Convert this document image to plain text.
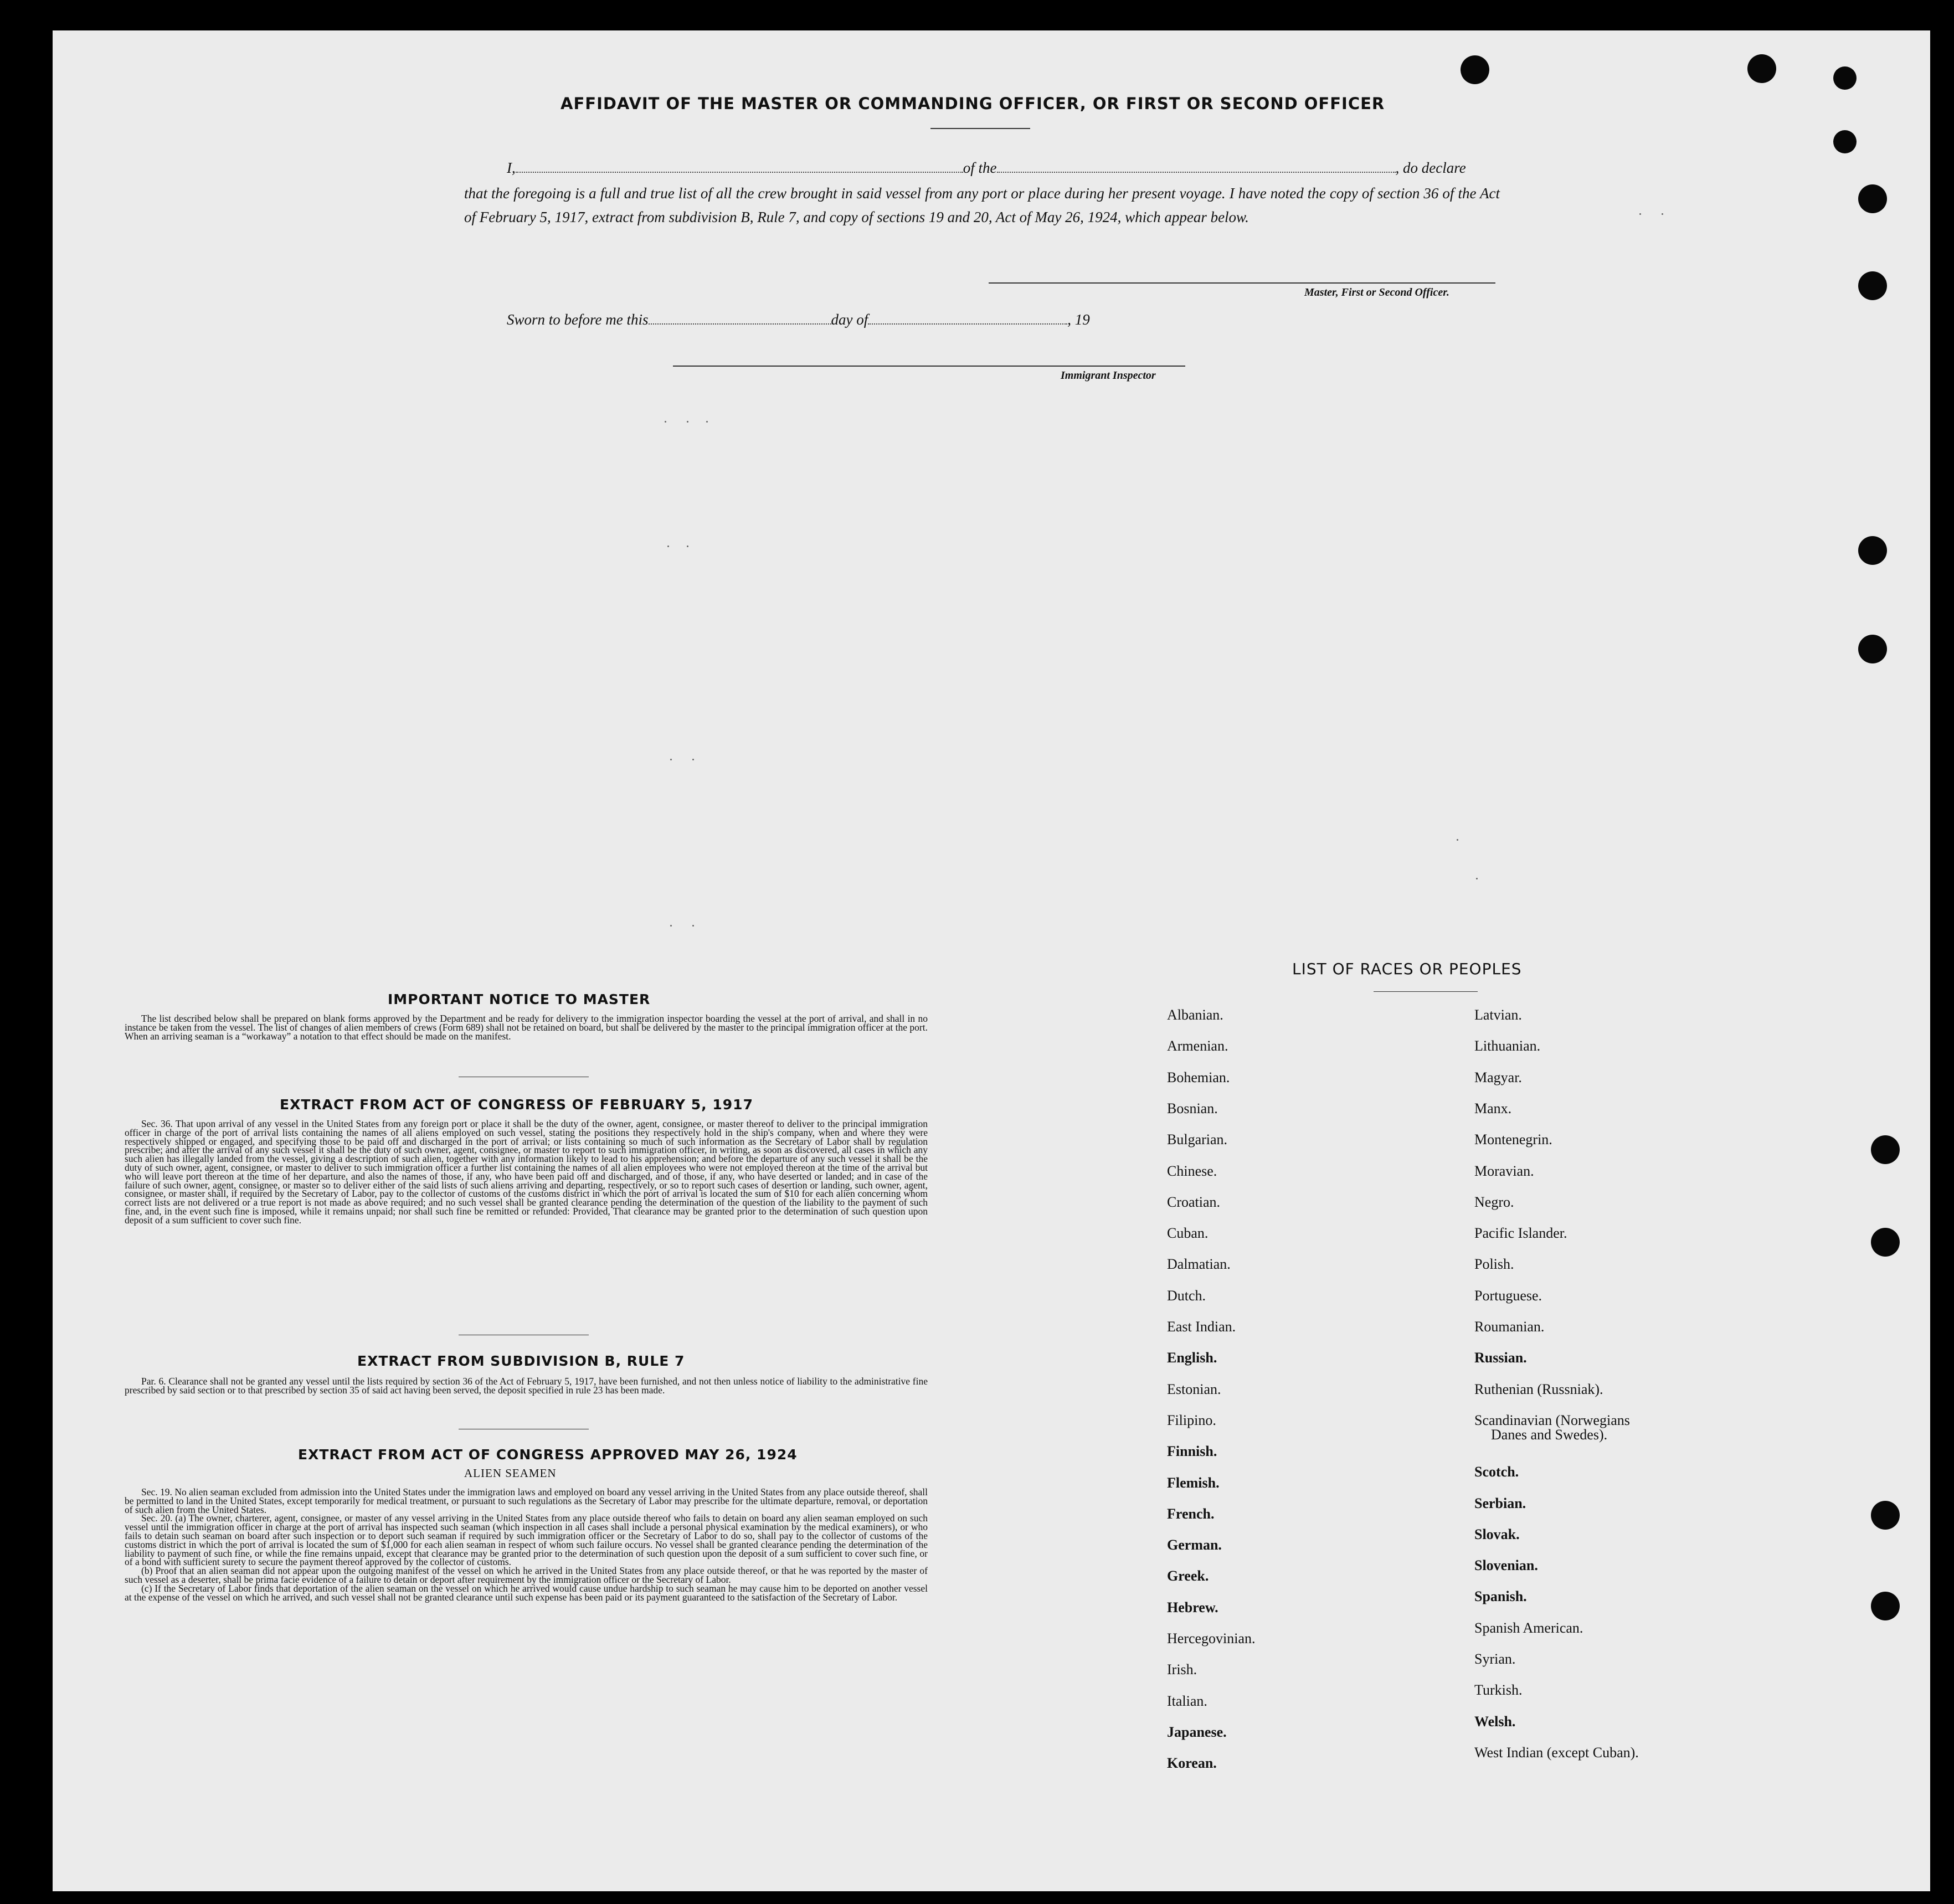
AFFIDAVIT OF THE MASTER OR COMMANDING OFFICER, OR FIRST OR SECOND OFFICER
I,	of the	, do declare
that the foregoing is a full and true list of all the crew brought in said vessel from any port or place during her present voyage. I have noted the copy of section 36 of the Act of February 5, 1917, extract from subdivision B, Rule 7, and copy of sections 19 and 20, Act of May 26, 1924, which appear below.
Master, First or Second Officer.
Sworn to before me this	day of	, 19
Immigrant Inspector
IMPORTANT NOTICE TO MASTER

The list described below shall be prepared on blank forms approved by the Department and be ready for delivery to the immigration inspector boarding the vessel at the port of arrival, and shall in no instance be taken from the vessel. The list of changes of alien members of crews (Form 689) shall not be retained on board, but shall be delivered by the master to the principal immigration officer at the port. When an arriving seaman is a “workaway” a notation to that effect should be made on the manifest.

EXTRACT FROM ACT OF CONGRESS OF FEBRUARY 5, 1917

Sec. 36. That upon arrival of any vessel in the United States from any foreign port or place it shall be the duty of the owner, agent, consignee, or master thereof to deliver to the principal immigration officer in charge of the port of arrival lists containing the names of all aliens employed on such vessel, stating the positions they respectively hold in the ship's company, when and where they were respectively shipped or engaged, and specifying those to be paid off and discharged in the port of arrival; or lists containing so much of such information as the Secretary of Labor shall by regulation prescribe; and after the arrival of any such vessel it shall be the duty of such owner, agent, consignee, or master to report to such immigration officer, in writing, as soon as discovered, all cases in which any such alien has illegally landed from the vessel, giving a description of such alien, together with any information likely to lead to his apprehension; and before the departure of any such vessel it shall be the duty of such owner, agent, consignee, or master to deliver to such immigration officer a further list containing the names of all alien employees who were not employed thereon at the time of the arrival but who will leave port thereon at the time of her departure, and also the names of those, if any, who have been paid off and discharged, and of those, if any, who have deserted or landed; and in case of the failure of such owner, agent, consignee, or master so to deliver either of the said lists of such aliens arriving and departing, respectively, or so to report such cases of desertion or landing, such owner, agent, consignee, or master shall, if required by the Secretary of Labor, pay to the collector of customs of the customs district in which the port of arrival is located the sum of $10 for each alien concerning whom correct lists are not delivered or a true report is not made as above required; and no such vessel shall be granted clearance pending the determination of the question of the liability to the payment of such fine, and, in the event such fine is imposed, while it remains unpaid; nor shall such fine be remitted or refunded: Provided, That clearance may be granted prior to the determination of such question upon deposit of a sum sufficient to cover such fine.

EXTRACT FROM SUBDIVISION B, RULE 7

Par. 6. Clearance shall not be granted any vessel until the lists required by section 36 of the Act of February 5, 1917, have been furnished, and not then unless notice of liability to the administrative fine prescribed by said section or to that prescribed by section 35 of said act having been served, the deposit specified in rule 23 has been made.

EXTRACT FROM ACT OF CONGRESS APPROVED MAY 26, 1924
ALIEN SEAMEN

Sec. 19. No alien seaman excluded from admission into the United States under the immigration laws and employed on board any vessel arriving in the United States from any place outside thereof, shall be permitted to land in the United States, except temporarily for medical treatment, or pursuant to such regulations as the Secretary of Labor may prescribe for the ultimate departure, removal, or deportation of such alien from the United States.

Sec. 20. (a) The owner, charterer, agent, consignee, or master of any vessel arriving in the United States from any place outside thereof who fails to detain on board any alien seaman employed on such vessel until the immigration officer in charge at the port of arrival has inspected such seaman (which inspection in all cases shall include a personal physical examination by the medical examiners), or who fails to detain such seaman on board after such inspection or to deport such seaman if required by such immigration officer or the Secretary of Labor to do so, shall pay to the collector of customs of the customs district in which the port of arrival is located the sum of $1,000 for each alien seaman in respect of whom such failure occurs. No vessel shall be granted clearance pending the determination of the liability to payment of such fine, or while the fine remains unpaid, except that clearance may be granted prior to the determination of such question upon the deposit of a sum sufficient to cover such fine, or of a bond with sufficient surety to secure the payment thereof approved by the collector of customs.

(b) Proof that an alien seaman did not appear upon the outgoing manifest of the vessel on which he arrived in the United States from any place outside thereof, or that he was reported by the master of such vessel as a deserter, shall be prima facie evidence of a failure to detain or deport after requirement by the immigration officer or the Secretary of Labor.

(c) If the Secretary of Labor finds that deportation of the alien seaman on the vessel on which he arrived would cause undue hardship to such seaman he may cause him to be deported on another vessel at the expense of the vessel on which he arrived, and such vessel shall not be granted clearance until such expense has been paid or its payment guaranteed to the satisfaction of the Secretary of Labor.

LIST OF RACES OR PEOPLES
Albanian.
Armenian.
Bohemian.
Bosnian.
Bulgarian.
Chinese.
Croatian.
Cuban.
Dalmatian.
Dutch.
East Indian.
English.
Estonian.
Filipino.
Finnish.
Flemish.
French.
German.
Greek.
Hebrew.
Hercegovinian.
Irish.
Italian.
Japanese.
Korean.
Latvian.
Lithuanian.
Magyar.
Manx.
Montenegrin.
Moravian.
Negro.
Pacific Islander.
Polish.
Portuguese.
Roumanian.
Russian.
Ruthenian (Russniak).
Scandinavian (Norwegians
Scotch.
Serbian.
Slovak.
Slovenian.
Spanish.
Spanish American.
Syrian.
Turkish.
Welsh.
West Indian (except Cuban).
Danes and Swedes).
